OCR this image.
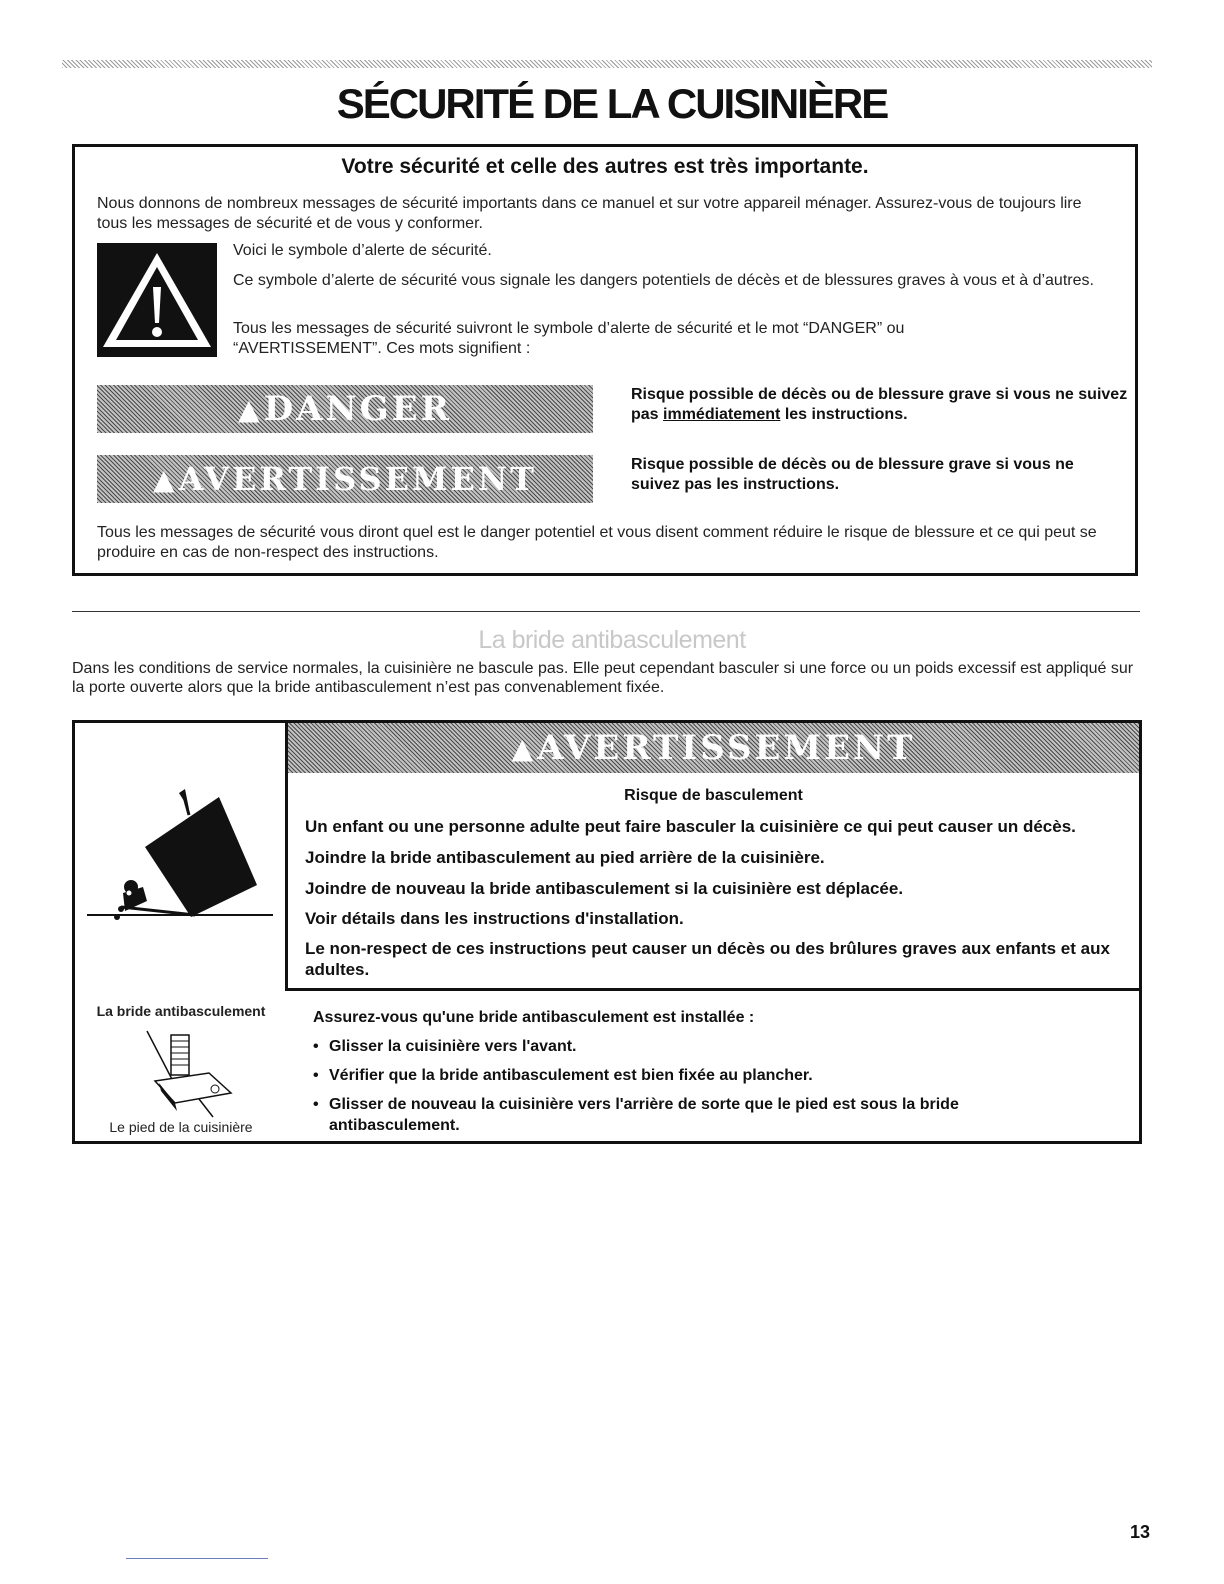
SÉCURITÉ DE LA CUISINIÈRE
Votre sécurité et celle des autres est très importante.
Nous donnons de nombreux messages de sécurité importants dans ce manuel et sur votre appareil ménager. Assurez-vous de toujours lire tous les messages de sécurité et de vous y conformer.
Voici le symbole d’alerte de sécurité.
Ce symbole d’alerte de sécurité vous signale les dangers potentiels de décès et de blessures graves à vous et à d’autres.
Tous les messages de sécurité suivront le symbole d’alerte de sécurité et le mot “DANGER” ou “AVERTISSEMENT”. Ces mots signifient :
▲ DANGER	Risque possible de décès ou de blessure grave si vous ne suivez pas immédiatement les instructions.
▲ AVERTISSEMENT	Risque possible de décès ou de blessure grave si vous ne suivez pas les instructions.
Tous les messages de sécurité vous diront quel est le danger potentiel et vous disent comment réduire le risque de blessure et ce qui peut se produire en cas de non-respect des instructions.
La bride antibasculement
Dans les conditions de service normales, la cuisinière ne bascule pas. Elle peut cependant basculer si une force ou un poids excessif est appliqué sur la porte ouverte alors que la bride antibasculement n’est pas convenablement fixée.
▲ AVERTISSEMENT
Risque de basculement
Un enfant ou une personne adulte peut faire basculer la cuisinière ce qui peut causer un décès.
Joindre la bride antibasculement au pied arrière de la cuisinière.
Joindre de nouveau la bride antibasculement si la cuisinière est déplacée.
Voir détails dans les instructions d'installation.
Le non-respect de ces instructions peut causer un décès ou des brûlures graves aux enfants et aux adultes.
La bride antibasculement
Le pied de la cuisinière
Assurez-vous qu'une bride antibasculement est installée :
• Glisser la cuisinière vers l'avant.
• Vérifier que la bride antibasculement est bien fixée au plancher.
• Glisser de nouveau la cuisinière vers l'arrière de sorte que le pied est sous la bride antibasculement.
13
